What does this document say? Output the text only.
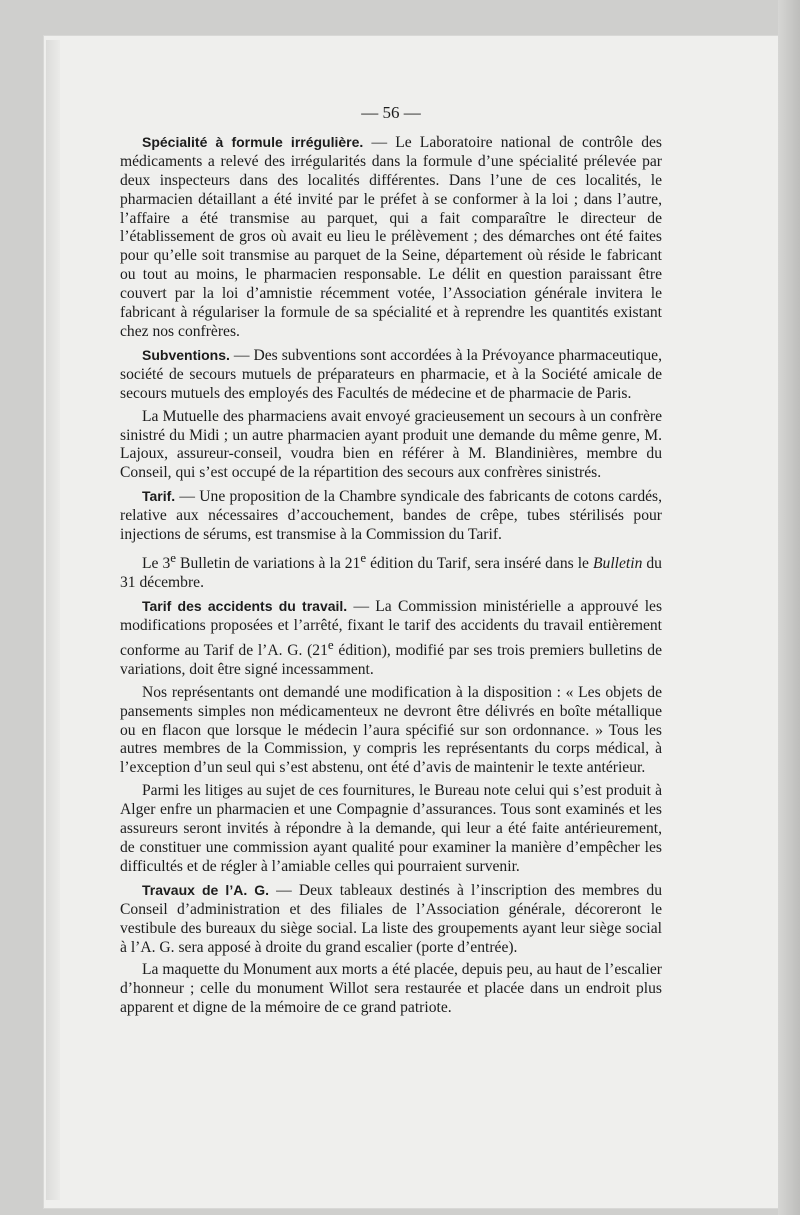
— 56 —

Spécialité à formule irrégulière. — Le Laboratoire national de contrôle des médicaments a relevé des irrégularités dans la formule d’une spécialité prélevée par deux inspecteurs dans des localités différentes. Dans l’une de ces localités, le pharmacien détaillant a été invité par le préfet à se conformer à la loi ; dans l’autre, l’affaire a été transmise au parquet, qui a fait comparaître le directeur de l’établissement de gros où avait eu lieu le prélèvement ; des démarches ont été faites pour qu’elle soit transmise au parquet de la Seine, département où réside le fabricant ou tout au moins, le pharmacien responsable. Le délit en question paraissant être couvert par la loi d’amnistie récemment votée, l’Association générale invitera le fabricant à régulariser la formule de sa spécialité et à reprendre les quantités existant chez nos confrères.

Subventions. — Des subventions sont accordées à la Prévoyance pharmaceutique, société de secours mutuels de préparateurs en pharmacie, et à la Société amicale de secours mutuels des employés des Facultés de médecine et de pharmacie de Paris.

La Mutuelle des pharmaciens avait envoyé gracieusement un secours à un confrère sinistré du Midi ; un autre pharmacien ayant produit une demande du même genre, M. Lajoux, assureur-conseil, voudra bien en référer à M. Blandinières, membre du Conseil, qui s’est occupé de la répartition des secours aux confrères sinistrés.

Tarif. — Une proposition de la Chambre syndicale des fabricants de cotons cardés, relative aux nécessaires d’accouchement, bandes de crêpe, tubes stérilisés pour injections de sérums, est transmise à la Commission du Tarif.

Le 3e Bulletin de variations à la 21e édition du Tarif, sera inséré dans le Bulletin du 31 décembre.

Tarif des accidents du travail. — La Commission ministérielle a approuvé les modifications proposées et l’arrêté, fixant le tarif des accidents du travail entièrement conforme au Tarif de l’A. G. (21e édition), modifié par ses trois premiers bulletins de variations, doit être signé incessamment.

Nos représentants ont demandé une modification à la disposition : « Les objets de pansements simples non médicamenteux ne devront être délivrés en boîte métallique ou en flacon que lorsque le médecin l’aura spécifié sur son ordonnance. » Tous les autres membres de la Commission, y compris les représentants du corps médical, à l’exception d’un seul qui s’est abstenu, ont été d’avis de maintenir le texte antérieur.

Parmi les litiges au sujet de ces fournitures, le Bureau note celui qui s’est produit à Alger enfre un pharmacien et une Compagnie d’assurances. Tous sont examinés et les assureurs seront invités à répondre à la demande, qui leur a été faite antérieurement, de constituer une commission ayant qualité pour examiner la manière d’empêcher les difficultés et de régler à l’amiable celles qui pourraient survenir.

Travaux de l’A. G. — Deux tableaux destinés à l’inscription des membres du Conseil d’administration et des filiales de l’Association générale, décoreront le vestibule des bureaux du siège social. La liste des groupements ayant leur siège social à l’A. G. sera apposé à droite du grand escalier (porte d’entrée).

La maquette du Monument aux morts a été placée, depuis peu, au haut de l’escalier d’honneur ; celle du monument Willot sera restaurée et placée dans un endroit plus apparent et digne de la mémoire de ce grand patriote.
